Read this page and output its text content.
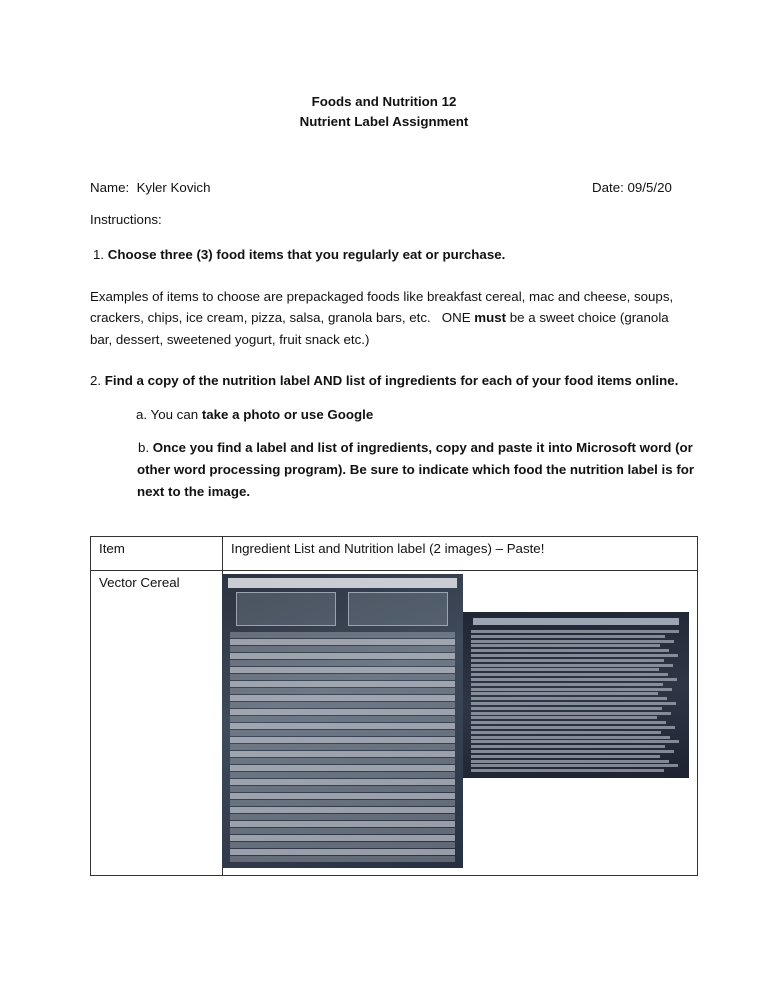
Foods and Nutrition 12
Nutrient Label Assignment
Name: Kyler Kovich	Date: 09/5/20
Instructions:
1. Choose three (3) food items that you regularly eat or purchase.
Examples of items to choose are prepackaged foods like breakfast cereal, mac and cheese, soups,
crackers, chips, ice cream, pizza, salsa, granola bars, etc.   ONE must be a sweet choice (granola
bar, dessert, sweetened yogurt, fruit snack etc.)
2. Find a copy of the nutrition label AND list of ingredients for each of your food items online.
a. You can take a photo or use Google
b. Once you find a label and list of ingredients, copy and paste it into Microsoft word (or
other word processing program). Be sure to indicate which food the nutrition label is for
next to the image.
Item	Ingredient List and Nutrition label (2 images) – Paste!
Vector Cereal	
